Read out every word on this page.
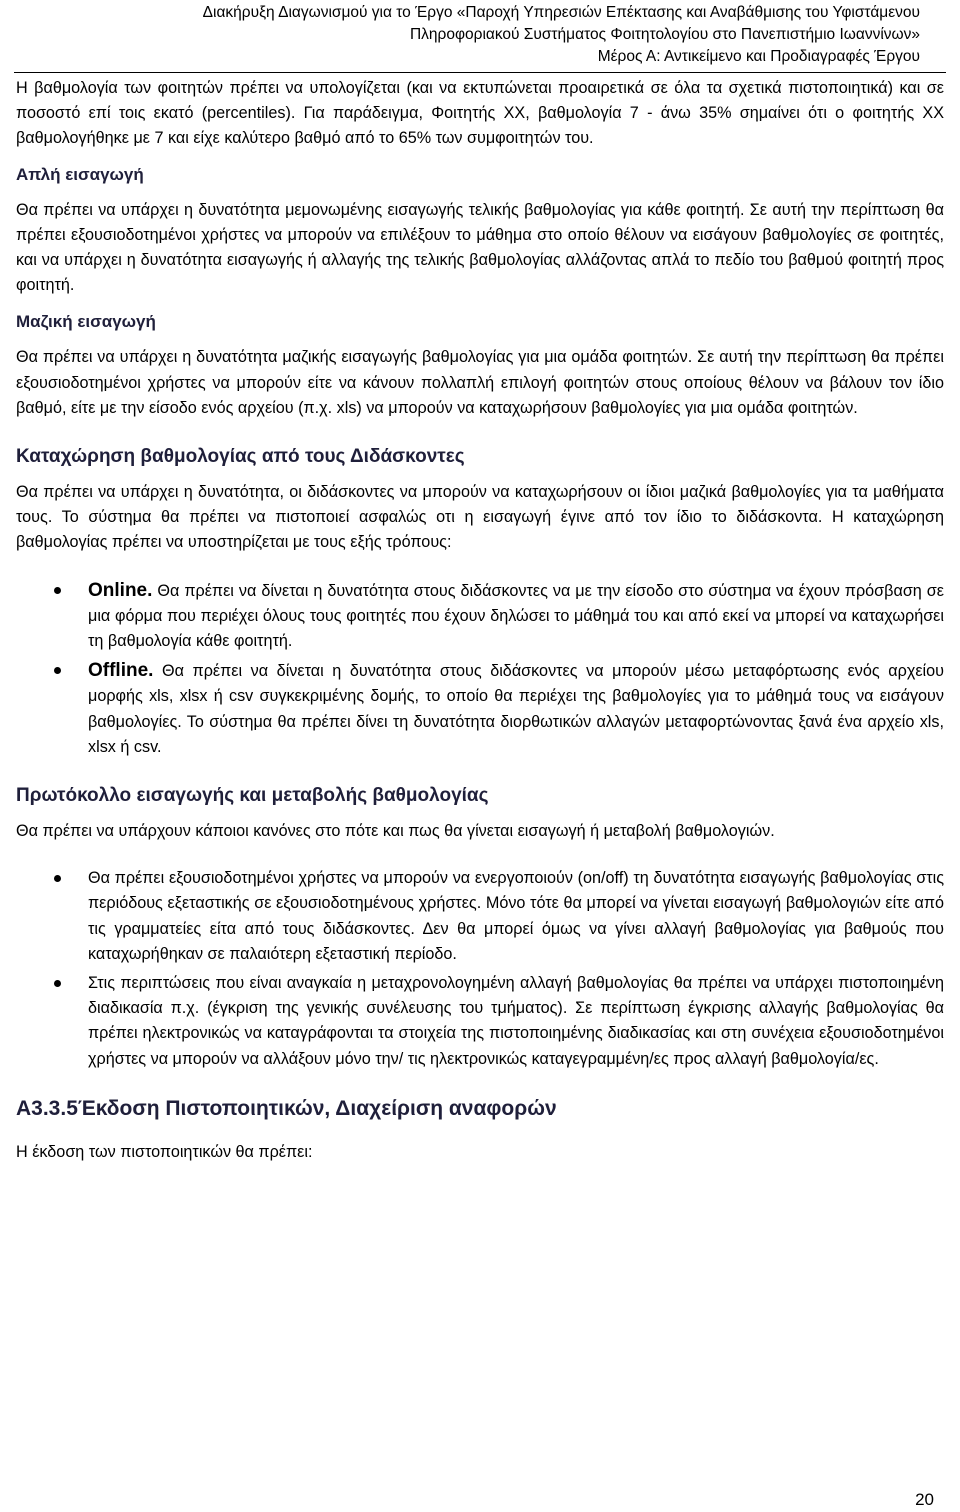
Διακήρυξη Διαγωνισμού για το Έργο «Παροχή Υπηρεσιών Επέκτασης και Αναβάθμισης του Υφιστάμενου
Πληροφοριακού Συστήματος Φοιτητολογίου στο Πανεπιστήμιο Ιωαννίνων»
Μέρος Α: Αντικείμενο και Προδιαγραφές Έργου

Η βαθμολογία των φοιτητών πρέπει να υπολογίζεται (και να εκτυπώνεται προαιρετικά σε όλα τα σχετικά πιστοποιητικά) και σε ποσοστό επί τοις εκατό (percentiles). Για παράδειγμα, Φοιτητής ΧΧ, βαθμολογία 7 - άνω 35% σημαίνει ότι ο φοιτητής ΧΧ βαθμολογήθηκε με 7 και είχε καλύτερο βαθμό από το 65% των συμφοιτητών του.

Απλή εισαγωγή

Θα πρέπει να υπάρχει η δυνατότητα μεμονωμένης εισαγωγής τελικής βαθμολογίας για κάθε φοιτητή. Σε αυτή την περίπτωση θα πρέπει εξουσιοδοτημένοι χρήστες να μπορούν να επιλέξουν το μάθημα στο οποίο θέλουν να εισάγουν βαθμολογίες σε φοιτητές, και να υπάρχει η δυνατότητα εισαγωγής ή αλλαγής της τελικής βαθμολογίας αλλάζοντας απλά το πεδίο του βαθμού φοιτητή προς φοιτητή.

Μαζική εισαγωγή

Θα πρέπει να υπάρχει η δυνατότητα μαζικής εισαγωγής βαθμολογίας για μια ομάδα φοιτητών. Σε αυτή την περίπτωση θα πρέπει εξουσιοδοτημένοι χρήστες να μπορούν είτε να κάνουν πολλαπλή επιλογή φοιτητών στους οποίους θέλουν να βάλουν τον ίδιο βαθμό, είτε με την είσοδο ενός αρχείου (π.χ. xls) να μπορούν να καταχωρήσουν βαθμολογίες για μια ομάδα φοιτητών.

Καταχώρηση βαθμολογίας από τους Διδάσκοντες

Θα πρέπει να υπάρχει η δυνατότητα, οι διδάσκοντες να μπορούν να καταχωρήσουν οι ίδιοι μαζικά βαθμολογίες για τα μαθήματα τους. Το σύστημα θα πρέπει να πιστοποιεί ασφαλώς οτι η εισαγωγή έγινε από τον ίδιο το διδάσκοντα. Η καταχώρηση βαθμολογίας πρέπει να υποστηρίζεται με τους εξής τρόπους:

Online. Θα πρέπει να δίνεται η δυνατότητα στους διδάσκοντες να με την είσοδο στο σύστημα να έχουν πρόσβαση σε μια φόρμα που περιέχει όλους τους φοιτητές που έχουν δηλώσει το μάθημά του και από εκεί να μπορεί να καταχωρήσει τη βαθμολογία κάθε φοιτητή.
Offline. Θα πρέπει να δίνεται η δυνατότητα στους διδάσκοντες να μπορούν μέσω μεταφόρτωσης ενός αρχείου μορφής xls, xlsx ή csv συγκεκριμένης δομής, το οποίο θα περιέχει της βαθμολογίες για το μάθημά τους να εισάγουν βαθμολογίες. Το σύστημα θα πρέπει δίνει τη δυνατότητα διορθωτικών αλλαγών μεταφορτώνοντας ξανά ένα αρχείο xls, xlsx ή csv.
Πρωτόκολλο εισαγωγής και μεταβολής βαθμολογίας

Θα πρέπει να υπάρχουν κάποιοι κανόνες στο πότε και πως θα γίνεται εισαγωγή ή μεταβολή βαθμολογιών.

Θα πρέπει εξουσιοδοτημένοι χρήστες να μπορούν να ενεργοποιούν (on/off) τη δυνατότητα εισαγωγής βαθμολογίας στις περιόδους εξεταστικής σε εξουσιοδοτημένους χρήστες. Μόνο τότε θα μπορεί να γίνεται εισαγωγή βαθμολογιών είτε από τις γραμματείες είτα από τους διδάσκοντες. Δεν θα μπορεί όμως να γίνει αλλαγή βαθμολογίας για βαθμούς που καταχωρήθηκαν σε παλαιότερη εξεταστική περίοδο.
Στις περιπτώσεις που είναι αναγκαία η μεταχρονολογημένη αλλαγή βαθμολογίας θα πρέπει να υπάρχει πιστοποιημένη διαδικασία π.χ. (έγκριση της γενικής συνέλευσης του τμήματος). Σε περίπτωση έγκρισης αλλαγής βαθμολογίας θα πρέπει ηλεκτρονικώς να καταγράφονται τα στοιχεία της πιστοποιημένης διαδικασίας και στη συνέχεια εξουσιοδοτημένοι χρήστες να μπορούν να αλλάξουν μόνο την/ τις ηλεκτρονικώς καταγεγραμμένη/ες προς αλλαγή βαθμολογία/ες.
Α3.3.5Έκδοση Πιστοποιητικών, Διαχείριση αναφορών

Η έκδοση των πιστοποιητικών θα πρέπει:

20
